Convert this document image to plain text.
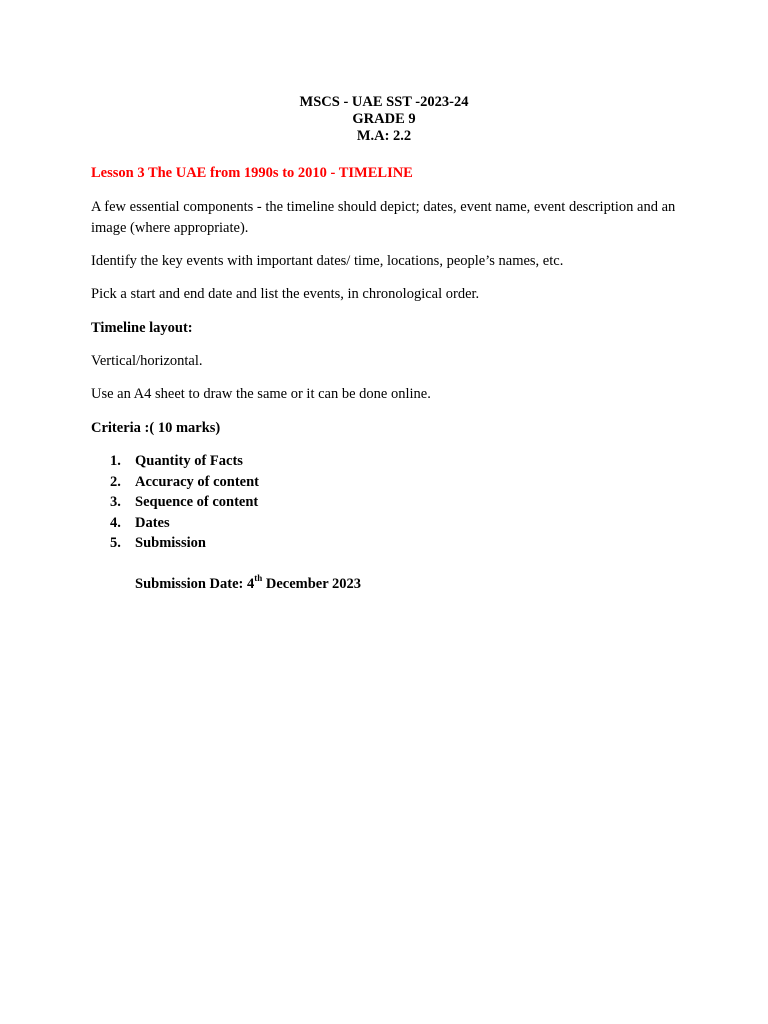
MSCS - UAE SST -2023-24
GRADE 9
M.A: 2.2

Lesson 3 The UAE from 1990s to 2010 - TIMELINE

A few essential components - the timeline should depict; dates, event name, event description and an image (where appropriate).

Identify the key events with important dates/ time, locations, people’s names, etc.

Pick a start and end date and list the events, in chronological order.

Timeline layout:

Vertical/horizontal.

Use an A4 sheet to draw the same or it can be done online.

Criteria :( 10 marks)

1. Quantity of Facts
2. Accuracy of content
3. Sequence of content
4. Dates
5. Submission
Submission Date: 4th December 2023
